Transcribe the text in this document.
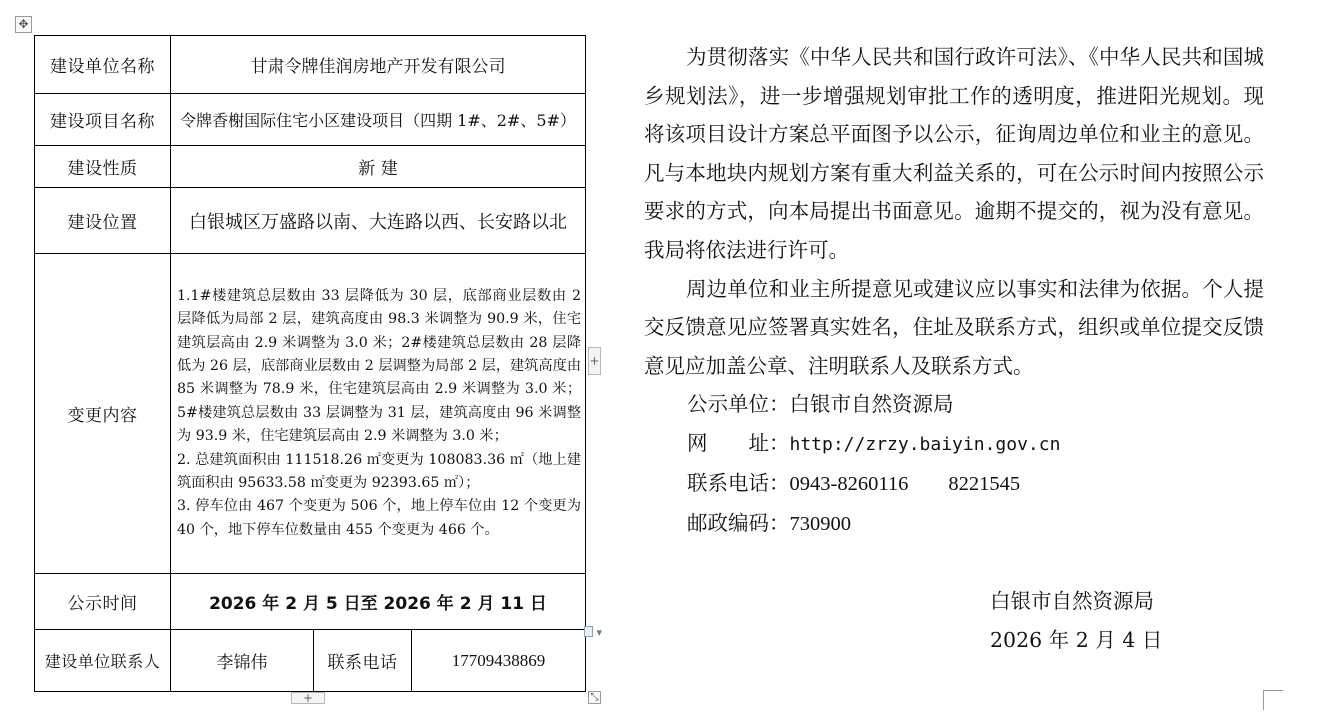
✥
建设单位名称	甘肃令牌佳润房地产开发有限公司		
建设项目名称	令牌香榭国际住宅小区建设项目（四期 1#、2#、5#）		
建设性质	新 建		
建设位置	白银城区万盛路以南、大连路以西、长安路以北		
变更内容	1.1#楼建筑总层数由 33 层降低为 30 层，底部商业层数由 2 层降低为局部 2 层，建筑高度由 98.3 米调整为 90.9 米，住宅建筑层高由 2.9 米调整为 3.0 米；2#楼建筑总层数由 28 层降低为 26 层，底部商业层数由 2 层调整为局部 2 层，建筑高度由 85 米调整为 78.9 米，住宅建筑层高由 2.9 米调整为 3.0 米；5#楼建筑总层数由 33 层调整为 31 层，建筑高度由 96 米调整为 93.9 米，住宅建筑层高由 2.9 米调整为 3.0 米；
2. 总建筑面积由 111518.26 ㎡变更为 108083.36 ㎡（地上建筑面积由 95633.58 ㎡变更为 92393.65 ㎡）；
3. 停车位由 467 个变更为 506 个，地上停车位由 12 个变更为 40 个，地下停车位数量由 455 个变更为 466 个。		

公示时间	2026 年 2 月 5 日至 2026 年 2 月 11 日		
建设单位联系人	李锦伟	联系电话	17709438869
+
+	⤡
▾

为贯彻落实《中华人民共和国行政许可法》、《中华人民共和国城乡规划法》，进一步增强规划审批工作的透明度，推进阳光规划。现将该项目设计方案总平面图予以公示，征询周边单位和业主的意见。凡与本地块内规划方案有重大利益关系的，可在公示时间内按照公示要求的方式，向本局提出书面意见。逾期不提交的，视为没有意见。我局将依法进行许可。

周边单位和业主所提意见或建议应以事实和法律为依据。个人提交反馈意见应签署真实姓名，住址及联系方式，组织或单位提交反馈意见应加盖公章、注明联系人及联系方式。

公示单位：白银市自然资源局
网　　址：http://zrzy.baiyin.gov.cn
联系电话：0943-8260116 8221545
邮政编码：730900
白银市自然资源局
2026 年 2 月 4 日
